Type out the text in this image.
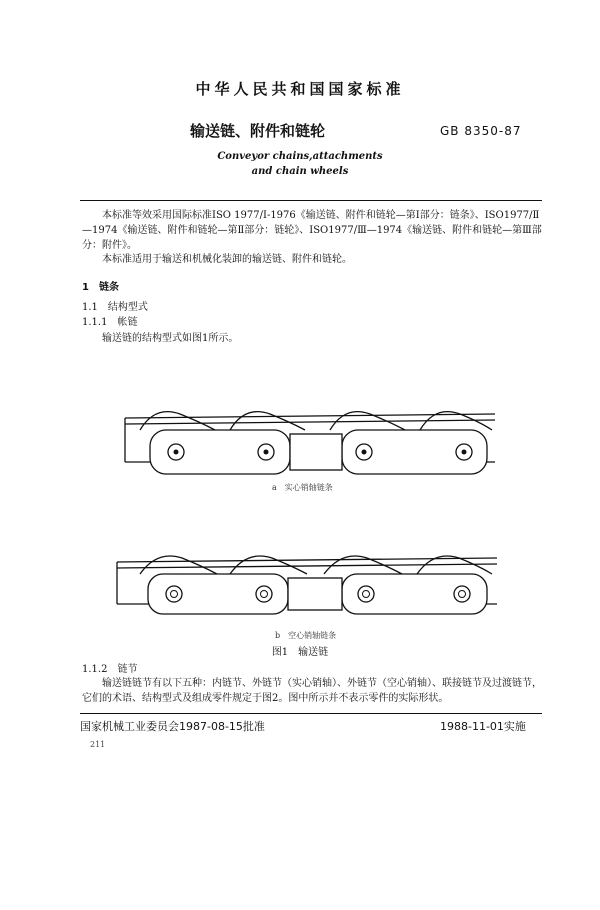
中华人民共和国国家标准
输送链、附件和链轮	GB 8350-87
Conveyor chains,attachments
and chain wheels
本标准等效采用国际标准ISO 1977/Ⅰ-1976《输送链、附件和链轮—第Ⅰ部分：链条》、ISO1977/Ⅱ—1974《输送链、附件和链轮—第Ⅱ部分：链轮》、ISO1977/Ⅲ—1974《输送链、附件和链轮—第Ⅲ部分：附件》。
本标准适用于输送和机械化装卸的输送链、附件和链轮。
1　链条
1.1　结构型式
1.1.1　帐链
输送链的结构型式如图1所示。
a　实心销轴链条
b　空心销轴链条
图1　输送链
1.1.2　链节
输送链链节有以下五种：内链节、外链节（实心销轴）、外链节（空心销轴）、联接链节及过渡链节，它们的术语、结构型式及组成零件规定于图2。图中所示并不表示零件的实际形状。
国家机械工业委员会1987-08-15批准	1988-11-01实施
211
